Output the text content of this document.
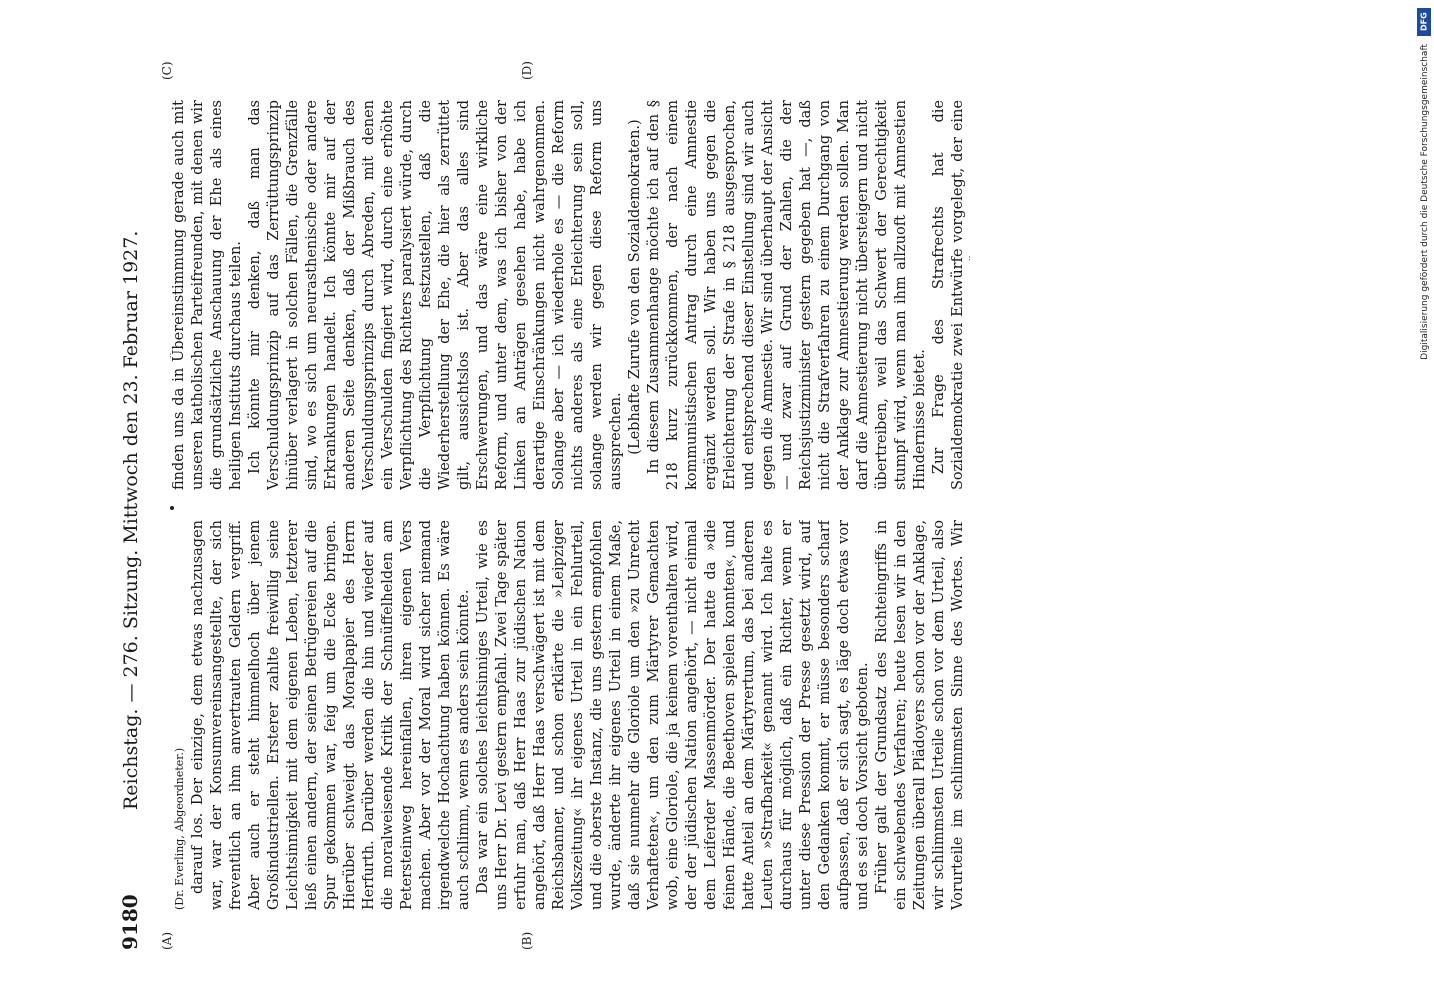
DFG
Digitalisierung gefördert durch die Deutsche Forschungsgemeinschaft
9180
Reichstag. — 276. Sitzung. Mittwoch den 23. Februar 1927.
(A)	(B)
(C)	(D)

(Dr. Everling, Abgeordneter.) darauf los. Der einzige, dem etwas nachzusagen war, war der Konsumvereinsangestellte, der sich freventlich an ihm anvertrauten Geldern vergriff. Aber auch er steht himmelhoch über jenem Großindustriellen. Ersterer zahlte freiwillig seine Leichtsinnigkeit mit dem eigenen Leben, letzterer ließ einen andern, der seinen Betrügereien auf die Spur gekommen war, feig um die Ecke bringen. Hierüber schweigt das Moralpapier des Herrn Herfurth. Darüber werden die hin und wieder auf die moralweisende Kritik der Schnüffelhelden am Petersteinweg hereinfallen, ihren eigenen Vers machen. Aber vor der Moral wird sicher niemand irgendwelche Hochachtung haben können. Es wäre auch schlimm, wenn es anders sein könnte. Das war ein solches leichtsinniges Urteil, wie es uns Herr Dr. Levi gestern empfahl. Zwei Tage später erfuhr man, daß Herr Haas zur jüdischen Nation angehört, daß Herr Haas verschwägert ist mit dem Reichsbanner, und schon erklärte die »Leipziger Volkszeitung« ihr eigenes Urteil in ein Fehlurteil, und die oberste Instanz, die uns gestern empfohlen wurde, änderte ihr eigenes Urteil in einem Maße, daß sie nunmehr die Gloriole um den »zu Unrecht Verhafteten«, um den zum Märtyrer Gemachten wob, eine Gloriole, die ja keinem vorenthalten wird, der der jüdischen Nation angehört, — nicht einmal dem Leiferder Massenmörder. Der hatte da »die feinen Hände, die Beethoven spielen konnten«, und hatte Anteil an dem Märtyrertum, das bei anderen Leuten »Strafbarkeit« genannt wird. Ich halte es durchaus für möglich, daß ein Richter, wenn er unter diese Pression der Presse gesetzt wird, auf den Gedanken kommt, er müsse besonders scharf aufpassen, daß er sich sagt, es läge doch etwas vor und es sei doch Vorsicht geboten. Früher galt der Grundsatz des Richteingriffs in ein schwebendes Verfahren; heute lesen wir in den Zeitungen überall Plädoyers schon vor der Anklage, wir schlimmsten Urteile schon vor dem Urteil, also Vorurteile im schlimmsten Sinne des Wortes. Wir

finden uns da in Übereinstimmung gerade auch mit unseren katholischen Parteifreunden, mit denen wir die grundsätzliche Anschauung der Ehe als eines heiligen Instituts durchaus teilen. Ich könnte mir denken, daß man das Verschuldungsprinzip auf das Zerrüttungsprinzip hinüber verlagert in solchen Fällen, die Grenzfälle sind, wo es sich um neurasthenische oder andere Erkrankungen handelt. Ich könnte mir auf der anderen Seite denken, daß der Mißbrauch des Verschuldungsprinzips durch Abreden, mit denen ein Verschulden fingiert wird, durch eine erhöhte Verpflichtung des Richters paralysiert würde, durch die Verpflichtung festzustellen, daß die Wiederherstellung der Ehe, die hier als zerrüttet gilt, aussichtslos ist. Aber das alles sind Erschwerungen, und das wäre eine wirkliche Reform, und unter dem, was ich bisher von der Linken an Anträgen gesehen habe, habe ich derartige Einschränkungen nicht wahrgenommen. Solange aber — ich wiederhole es — die Reform nichts anderes als eine Erleichterung sein soll, solange werden wir gegen diese Reform uns aussprechen. (Lebhafte Zurufe von den Sozialdemokraten.) In diesem Zusammenhange möchte ich auf den § 218 kurz zurückkommen, der nach einem kommunistischen Antrag durch eine Amnestie ergänzt werden soll. Wir haben uns gegen die Erleichterung der Strafe in § 218 ausgesprochen, und entsprechend dieser Einstellung sind wir auch gegen die Amnestie. Wir sind überhaupt der Ansicht — und zwar auf Grund der Zahlen, die der Reichsjustizminister gestern gegeben hat —, daß nicht die Strafverfahren zu einem Durchgang von der Anklage zur Amnestierung werden sollen. Man darf die Amnestierung nicht übersteigern und nicht übertreiben, weil das Schwert der Gerechtigkeit stumpf wird, wenn man ihm allzuoft mit Amnestien Hindernisse bietet. Zur Frage des Strafrechts hat die Sozialdemokratie zwei Entwürfe vorgelegt, der eine
